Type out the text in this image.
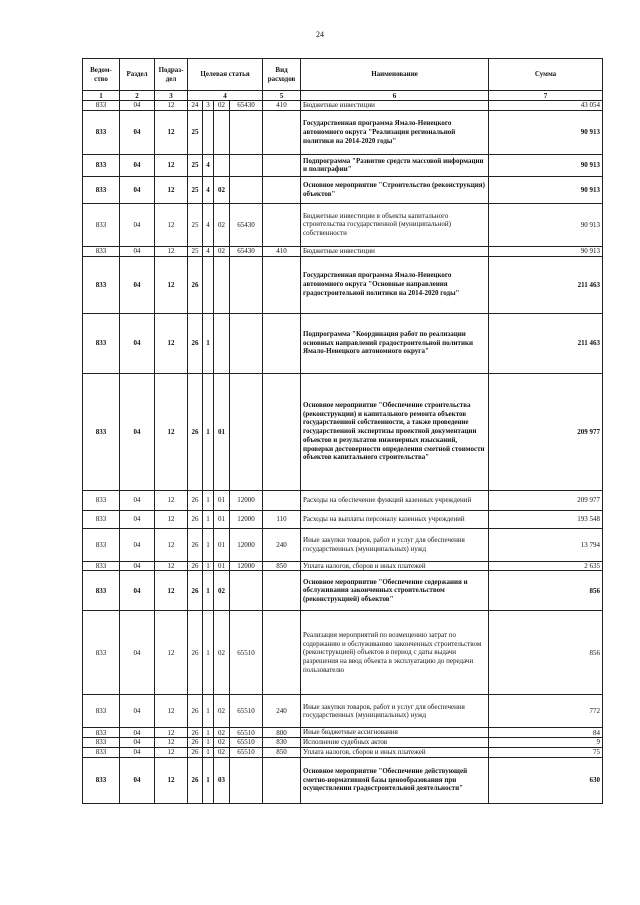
24
Ведом-ство	Раздел	Подраз-дел	Целевая статья				Вид расходов	Наименование	Сумма
1	2	3	4				5	6	7
833	04	12	24	3	02	65430	410	Бюджетные инвестиции	43 054
833	04	12	25					Государственная программа Ямало-Ненецкого автономного округа "Реализация региональной политики на 2014-2020 годы"	90 913
833	04	12	25	4				Подпрограмма "Развитие средств массовой информации и полиграфии"	90 913
833	04	12	25	4	02			Основное мероприятие "Строительство (реконструкция) объектов"	90 913
833	04	12	25	4	02	65430		Бюджетные инвестиции в объекты капитального строительства государственной (муниципальной) собственности	90 913
833	04	12	25	4	02	65430	410	Бюджетные инвестиции	90 913
833	04	12	26					Государственная программа Ямало-Ненецкого автономного округа "Основные направления градостроительной политики на 2014-2020 годы"	211 463
833	04	12	26	1				Подпрограмма "Координация работ по реализации основных направлений градостроительной политики Ямало-Ненецкого автономного округа"	211 463
833	04	12	26	1	01			Основное мероприятие "Обеспечение строительства (реконструкции) и капитального ремонта объектов государственной собственности, а также проведение государственной экспертизы проектной документации объектов и результатов инженерных изысканий, проверки достоверности определения сметной стоимости объектов капитального строительства"	209 977
833	04	12	26	1	01	12000		Расходы на обеспечение функций казенных учреждений	209 977
833	04	12	26	1	01	12000	110	Расходы на выплаты персоналу казенных учреждений	193 548
833	04	12	26	1	01	12000	240	Иные закупки товаров, работ и услуг для обеспечения государственных (муниципальных) нужд	13 794
833	04	12	26	1	01	12000	850	Уплата налогов, сборов и иных платежей	2 635
833	04	12	26	1	02			Основное мероприятие "Обеспечение содержания и обслуживания законченных строительством (реконструкцией) объектов"	856
833	04	12	26	1	02	65510		Реализация мероприятий по возмещению затрат по содержанию и обслуживанию законченных строительством (реконструкцией) объектов в период с даты выдачи разрешения на ввод объекта в эксплуатацию до передачи пользователю	856
833	04	12	26	1	02	65510	240	Иные закупки товаров, работ и услуг для обеспечения государственных (муниципальных) нужд	772
833	04	12	26	1	02	65510	800	Иные бюджетные ассигнования	84
833	04	12	26	1	02	65510	830	Исполнение судебных актов	9
833	04	12	26	1	02	65510	850	Уплата налогов, сборов и иных платежей	75
833	04	12	26	1	03			Основное мероприятие "Обеспечение действующей сметно-нормативной базы ценообразования при осуществлении градостроительной деятельности"	630
